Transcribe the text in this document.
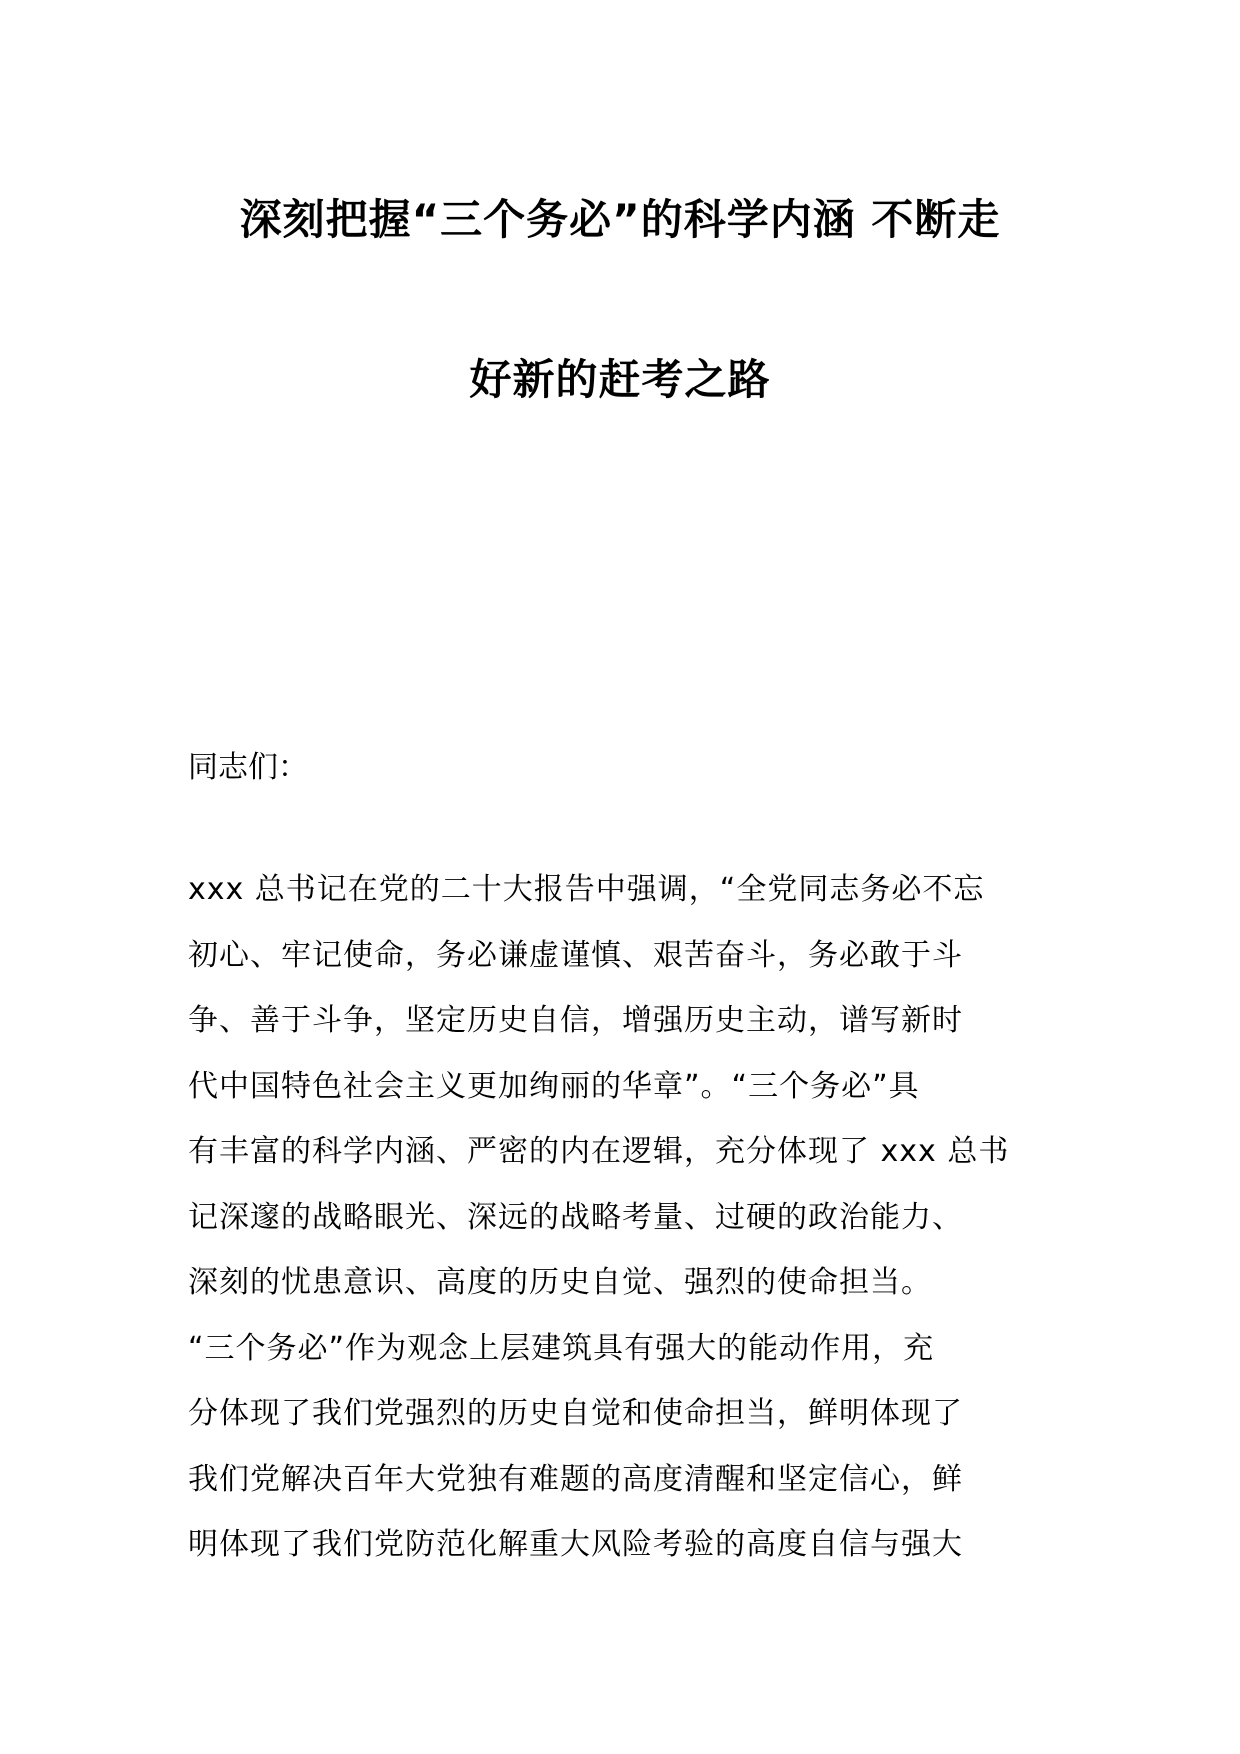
深刻把握“三个务必”的科学内涵 不断走
好新的赶考之路
同志们：
xxx 总书记在党的二十大报告中强调，“全党同志务必不忘
初心、牢记使命，务必谦虚谨慎、艰苦奋斗，务必敢于斗
争、善于斗争，坚定历史自信，增强历史主动，谱写新时
代中国特色社会主义更加绚丽的华章”。“三个务必”具
有丰富的科学内涵、严密的内在逻辑，充分体现了 xxx 总书
记深邃的战略眼光、深远的战略考量、过硬的政治能力、
深刻的忧患意识、高度的历史自觉、强烈的使命担当。
“三个务必”作为观念上层建筑具有强大的能动作用，充
分体现了我们党强烈的历史自觉和使命担当，鲜明体现了
我们党解决百年大党独有难题的高度清醒和坚定信心，鲜
明体现了我们党防范化解重大风险考验的高度自信与强大
